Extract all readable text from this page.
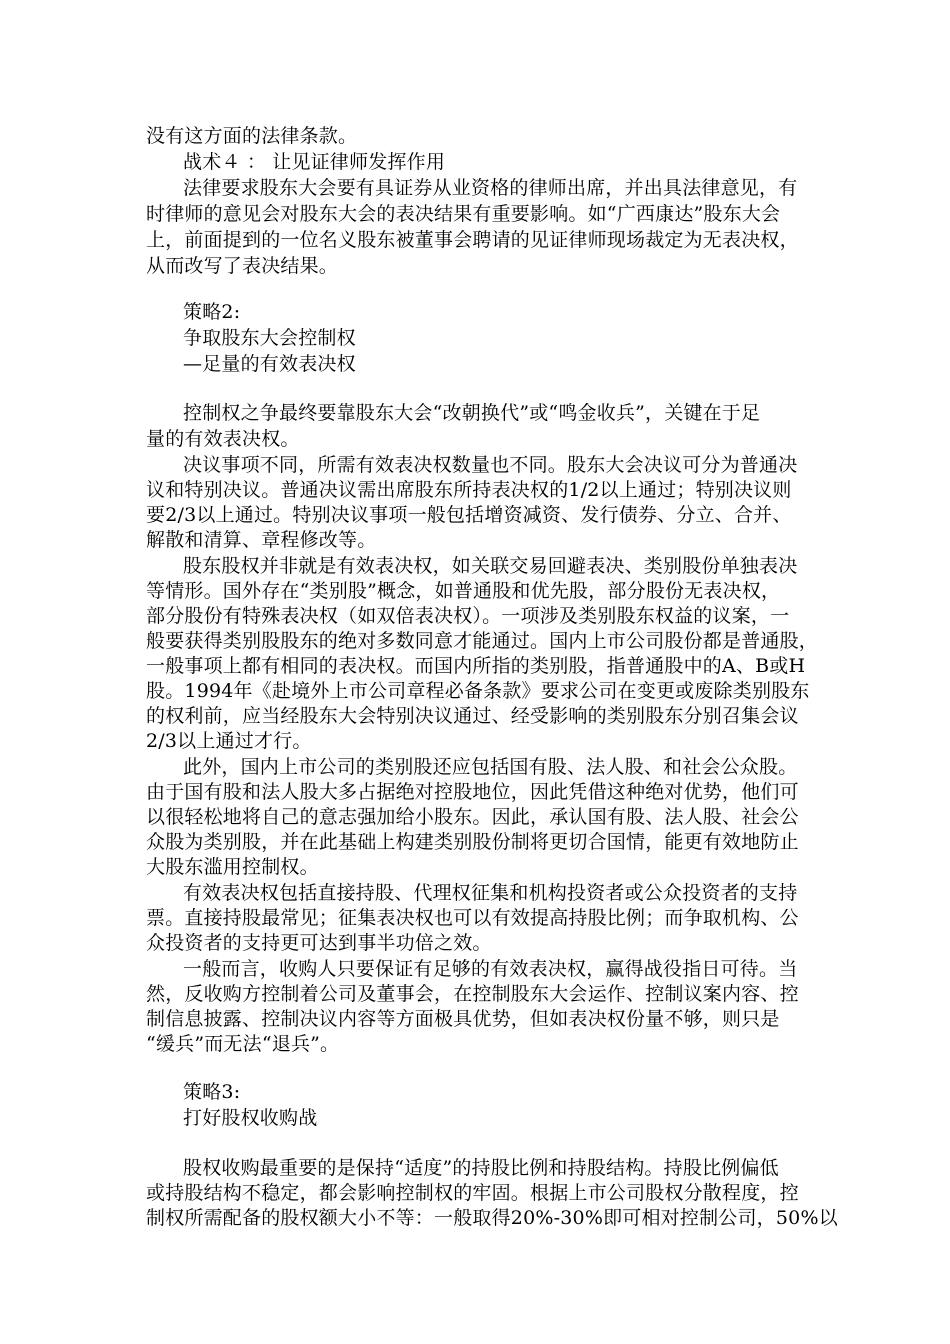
没有这方面的法律条款。
战术４ ： 让见证律师发挥作用
法律要求股东大会要有具证券从业资格的律师出席，并出具法律意见，有
时律师的意见会对股东大会的表决结果有重要影响。如“广西康达”股东大会
上，前面提到的一位名义股东被董事会聘请的见证律师现场裁定为无表决权，
从而改写了表决结果。
策略2:
争取股东大会控制权
—足量的有效表决权
控制权之争最终要靠股东大会“改朝换代”或“鸣金收兵”，关键在于足
量的有效表决权。
决议事项不同，所需有效表决权数量也不同。股东大会决议可分为普通决
议和特别决议。普通决议需出席股东所持表决权的1/2以上通过；特别决议则
要2/3以上通过。特别决议事项一般包括增资减资、发行债券、分立、合并、
解散和清算、章程修改等。
股东股权并非就是有效表决权，如关联交易回避表决、类别股份单独表决
等情形。国外存在“类别股”概念，如普通股和优先股，部分股份无表决权，
部分股份有特殊表决权（如双倍表决权）。一项涉及类别股东权益的议案，一
般要获得类别股股东的绝对多数同意才能通过。国内上市公司股份都是普通股，
一般事项上都有相同的表决权。而国内所指的类别股，指普通股中的A、B或H
股。1994年《赴境外上市公司章程必备条款》要求公司在变更或废除类别股东
的权利前，应当经股东大会特别决议通过、经受影响的类别股东分别召集会议
2/3以上通过才行。
此外，国内上市公司的类别股还应包括国有股、法人股、和社会公众股。
由于国有股和法人股大多占据绝对控股地位，因此凭借这种绝对优势，他们可
以很轻松地将自己的意志强加给小股东。因此，承认国有股、法人股、社会公
众股为类别股，并在此基础上构建类别股份制将更切合国情，能更有效地防止
大股东滥用控制权。
有效表决权包括直接持股、代理权征集和机构投资者或公众投资者的支持
票。直接持股最常见；征集表决权也可以有效提高持股比例；而争取机构、公
众投资者的支持更可达到事半功倍之效。
一般而言，收购人只要保证有足够的有效表决权，赢得战役指日可待。当
然，反收购方控制着公司及董事会，在控制股东大会运作、控制议案内容、控
制信息披露、控制决议内容等方面极具优势，但如表决权份量不够，则只是
“缓兵”而无法“退兵”。
策略3:
打好股权收购战
股权收购最重要的是保持“适度”的持股比例和持股结构。持股比例偏低
或持股结构不稳定，都会影响控制权的牢固。根据上市公司股权分散程度，控
制权所需配备的股权额大小不等：一般取得20%-30%即可相对控制公司，50%以
